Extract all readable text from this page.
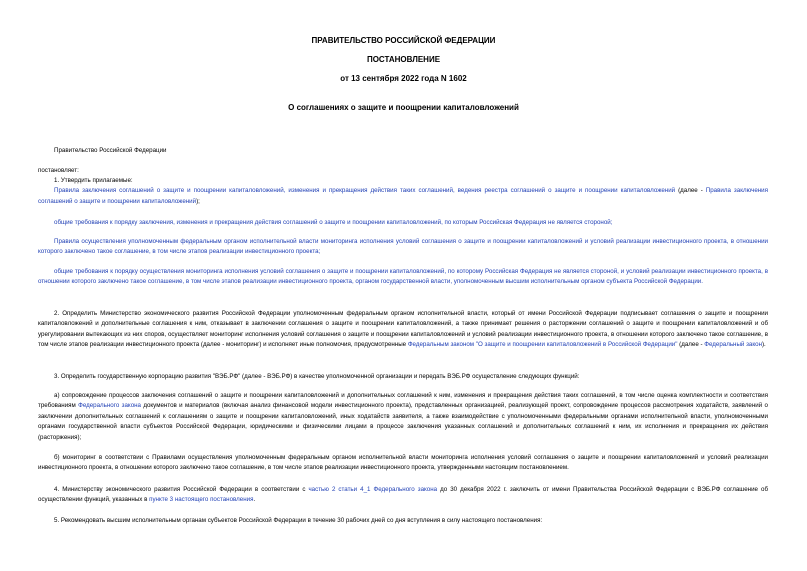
ПРАВИТЕЛЬСТВО РОССИЙСКОЙ ФЕДЕРАЦИИ
ПОСТАНОВЛЕНИЕ
от 13 сентября 2022 года N 1602
О соглашениях о защите и поощрении капиталовложений
Правительство Российской Федерации
постановляет:

1. Утвердить прилагаемые:

Правила заключения соглашений о защите и поощрении капиталовложений, изменения и прекращения действия таких соглашений, ведения реестра соглашений о защите и поощрении капиталовложений (далее - Правила заключения соглашений о защите и поощрении капиталовложений);

общие требования к порядку заключения, изменения и прекращения действия соглашений о защите и поощрении капиталовложений, по которым Российская Федерация не является стороной;

Правила осуществления уполномоченным федеральным органом исполнительной власти мониторинга исполнения условий соглашения о защите и поощрении капиталовложений и условий реализации инвестиционного проекта, в отношении которого заключено такое соглашение, в том числе этапов реализации инвестиционного проекта;

общие требования к порядку осуществления мониторинга исполнения условий соглашения о защите и поощрении капиталовложений, по которому Российская Федерация не является стороной, и условий реализации инвестиционного проекта, в отношении которого заключено такое соглашение, в том числе этапов реализации инвестиционного проекта, органом государственной власти, уполномоченным высшим исполнительным органом субъекта Российской Федерации.

2. Определить Министерство экономического развития Российской Федерации уполномоченным федеральным органом исполнительной власти, который от имени Российской Федерации подписывает соглашения о защите и поощрении капиталовложений и дополнительные соглашения к ним, отказывает в заключении соглашения о защите и поощрении капиталовложений, а также принимает решения о расторжении соглашений о защите и поощрении капиталовложений и об урегулировании вытекающих из них споров, осуществляет мониторинг исполнения условий соглашения о защите и поощрении капиталовложений и условий реализации инвестиционного проекта, в отношении которого заключено такое соглашение, в том числе этапов реализации инвестиционного проекта (далее - мониторинг) и исполняет иные полномочия, предусмотренные Федеральным законом "О защите и поощрении капиталовложений в Российской Федерации" (далее - Федеральный закон).

3. Определить государственную корпорацию развития "ВЭБ.РФ" (далее - ВЭБ.РФ) в качестве уполномоченной организации и передать ВЭБ.РФ осуществление следующих функций:

а) сопровождение процессов заключения соглашений о защите и поощрении капиталовложений и дополнительных соглашений к ним, изменения и прекращения действия таких соглашений, в том числе оценка комплектности и соответствия требованиям Федерального закона документов и материалов (включая анализ финансовой модели инвестиционного проекта), представленных организацией, реализующей проект, сопровождение процессов рассмотрения ходатайств, заявлений о заключении дополнительных соглашений к соглашениям о защите и поощрении капиталовложений, иных ходатайств заявителя, а также взаимодействие с уполномоченными федеральными органами исполнительной власти, уполномоченными органами государственной власти субъектов Российской Федерации, юридическими и физическими лицами в процессе заключения указанных соглашений и дополнительных соглашений к ним, их исполнения и прекращения их действия (расторжения);

б) мониторинг в соответствии с Правилами осуществления уполномоченным федеральным органом исполнительной власти мониторинга исполнения условий соглашения о защите и поощрении капиталовложений и условий реализации инвестиционного проекта, в отношении которого заключено такое соглашение, в том числе этапов реализации инвестиционного проекта, утвержденными настоящим постановлением.

4. Министерству экономического развития Российской Федерации в соответствии с частью 2 статьи 4_1 Федерального закона до 30 декабря 2022 г. заключить от имени Правительства Российской Федерации с ВЭБ.РФ соглашение об осуществлении функций, указанных в пункте 3 настоящего постановления.

5. Рекомендовать высшим исполнительным органам субъектов Российской Федерации в течение 30 рабочих дней со дня вступления в силу настоящего постановления:
